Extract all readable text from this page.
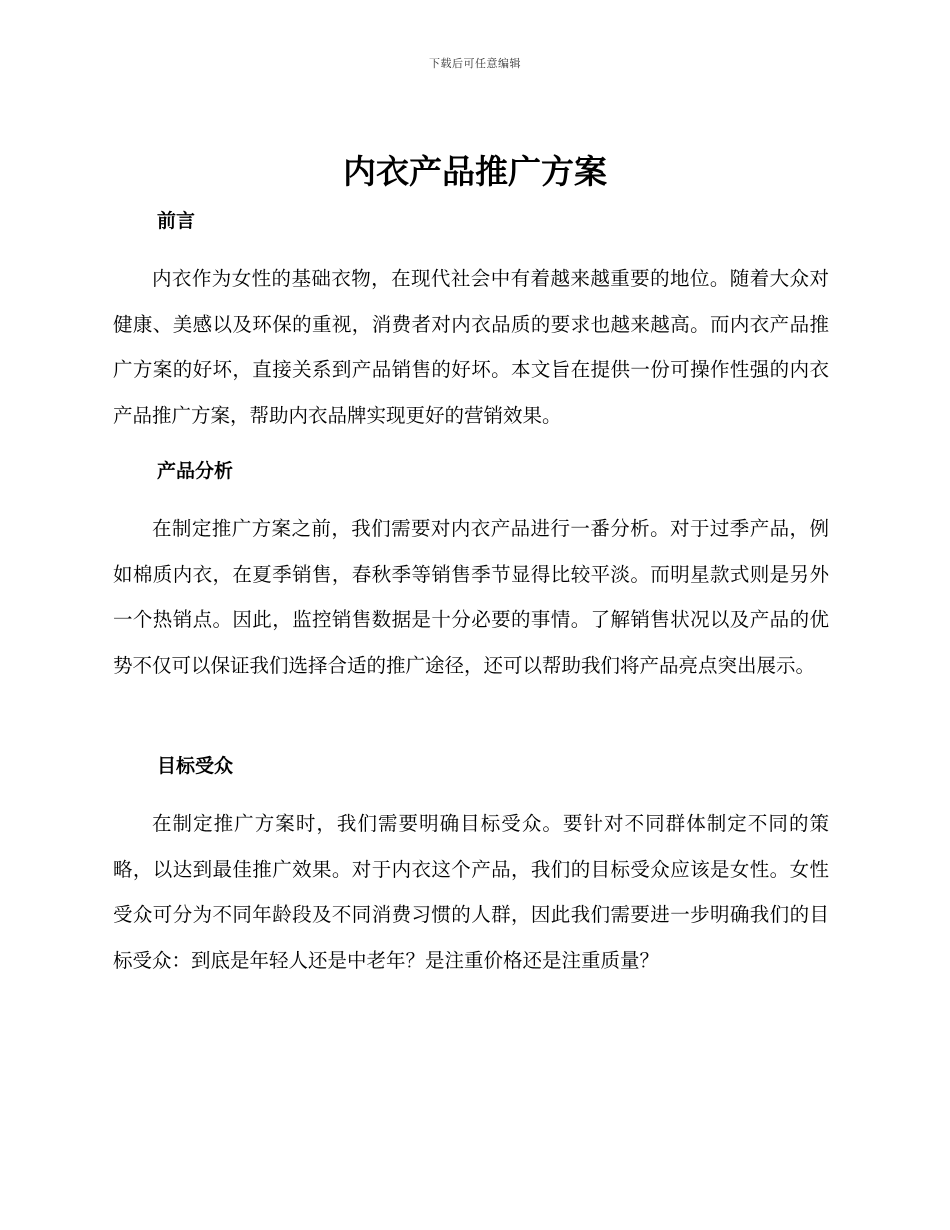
下载后可任意编辑
内衣产品推广方案
前言

内衣作为女性的基础衣物，在现代社会中有着越来越重要的地位。随着大众对健康、美感以及环保的重视，消费者对内衣品质的要求也越来越高。而内衣产品推广方案的好坏，直接关系到产品销售的好坏。本文旨在提供一份可操作性强的内衣产品推广方案，帮助内衣品牌实现更好的营销效果。

产品分析

在制定推广方案之前，我们需要对内衣产品进行一番分析。对于过季产品，例如棉质内衣，在夏季销售，春秋季等销售季节显得比较平淡。而明星款式则是另外一个热销点。因此，监控销售数据是十分必要的事情。了解销售状况以及产品的优势不仅可以保证我们选择合适的推广途径，还可以帮助我们将产品亮点突出展示。

目标受众

在制定推广方案时，我们需要明确目标受众。要针对不同群体制定不同的策略，以达到最佳推广效果。对于内衣这个产品，我们的目标受众应该是女性。女性受众可分为不同年龄段及不同消费习惯的人群，因此我们需要进一步明确我们的目标受众：到底是年轻人还是中老年？是注重价格还是注重质量？
